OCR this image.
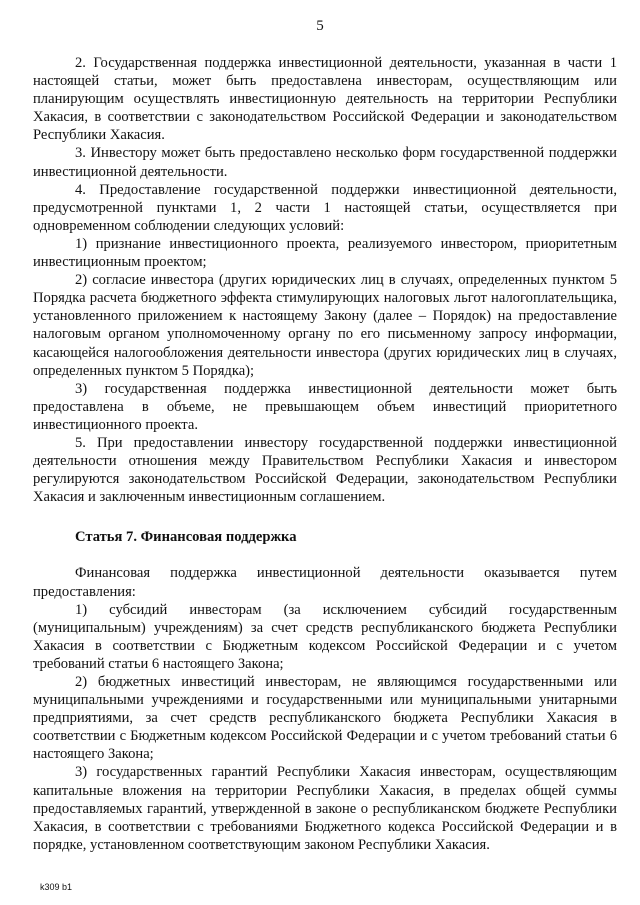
5

2. Государственная поддержка инвестиционной деятельности, указанная в части 1 настоящей статьи, может быть предоставлена инвесторам, осуществляющим или планирующим осуществлять инвестиционную деятельность на территории Республики Хакасия, в соответствии с законодательством Российской Федерации и законодательством Республики Хакасия.

3. Инвестору может быть предоставлено несколько форм государственной поддержки инвестиционной деятельности.

4. Предоставление государственной поддержки инвестиционной деятельности, предусмотренной пунктами 1, 2 части 1 настоящей статьи, осуществляется при одновременном соблюдении следующих условий:

1) признание инвестиционного проекта, реализуемого инвестором, приоритетным инвестиционным проектом;

2) согласие инвестора (других юридических лиц в случаях, определенных пунктом 5 Порядка расчета бюджетного эффекта стимулирующих налоговых льгот налогоплательщика, установленного приложением к настоящему Закону (далее – Порядок) на предоставление налоговым органом уполномоченному органу по его письменному запросу информации, касающейся налогообложения деятельности инвестора (других юридических лиц в случаях, определенных пунктом 5 Порядка);

3) государственная поддержка инвестиционной деятельности может быть предоставлена в объеме, не превышающем объем инвестиций приоритетного инвестиционного проекта.

5. При предоставлении инвестору государственной поддержки инвестиционной деятельности отношения между Правительством Республики Хакасия и инвестором регулируются законодательством Российской Федерации, законодательством Республики Хакасия и заключенным инвестиционным соглашением.

Статья 7. Финансовая поддержка

Финансовая поддержка инвестиционной деятельности оказывается путем предоставления:

1) субсидий инвесторам (за исключением субсидий государственным (муниципальным) учреждениям) за счет средств республиканского бюджета Республики Хакасия в соответствии с Бюджетным кодексом Российской Федерации и с учетом требований статьи 6 настоящего Закона;

2) бюджетных инвестиций инвесторам, не являющимся государственными или муниципальными учреждениями и государственными или муниципальными унитарными предприятиями, за счет средств республиканского бюджета Республики Хакасия в соответствии с Бюджетным кодексом Российской Федерации и с учетом требований статьи 6 настоящего Закона;

3) государственных гарантий Республики Хакасия инвесторам, осуществляющим капитальные вложения на территории Республики Хакасия, в пределах общей суммы предоставляемых гарантий, утвержденной в законе о республиканском бюджете Республики Хакасия, в соответствии с требованиями Бюджетного кодекса Российской Федерации и в порядке, установленном соответствующим законом Республики Хакасия.

k309 b1
